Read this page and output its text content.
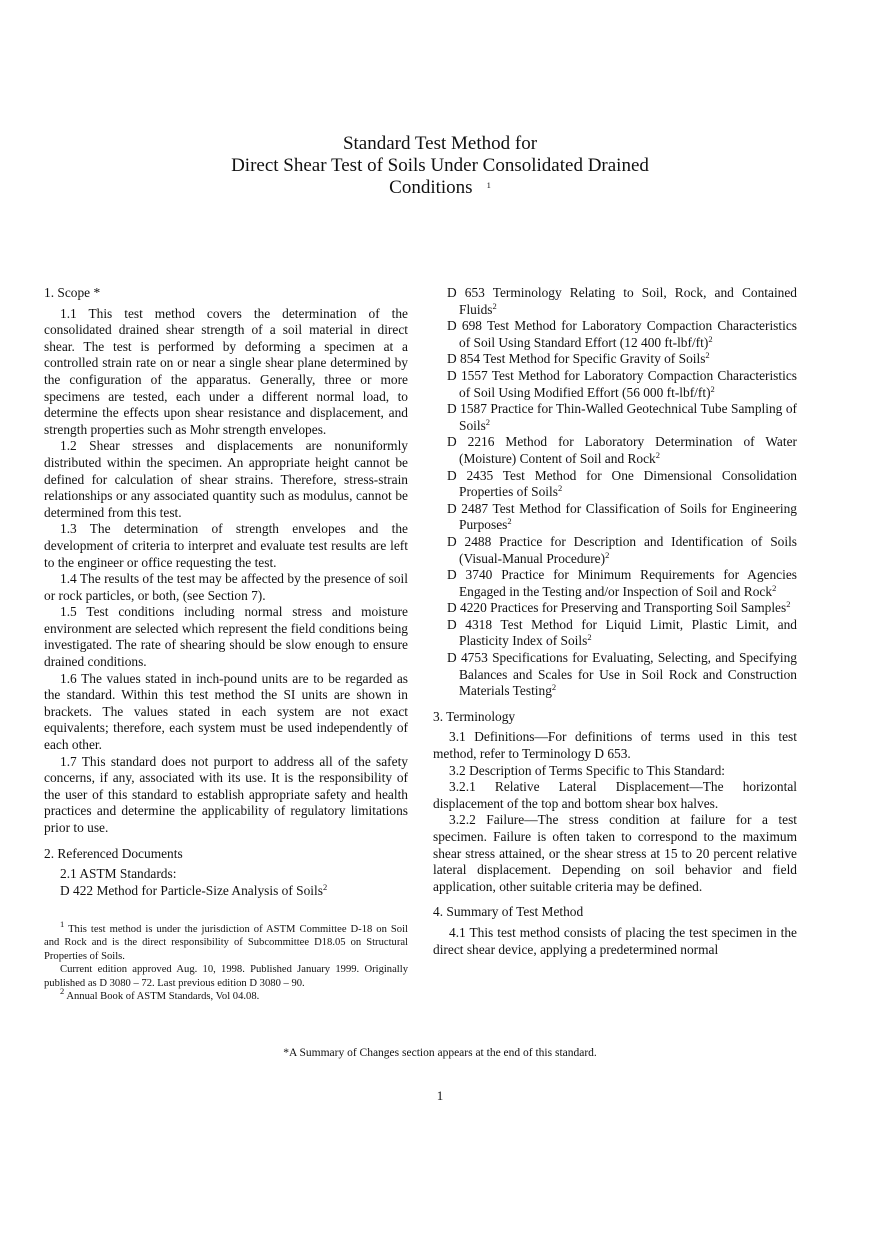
Standard Test Method for
Direct Shear Test of Soils Under Consolidated Drained
Conditions $^1$

1. Scope *

1.1 This test method covers the determination of the consolidated drained shear strength of a soil material in direct shear. The test is performed by deforming a specimen at a controlled strain rate on or near a single shear plane determined by the configuration of the apparatus. Generally, three or more specimens are tested, each under a different normal load, to determine the effects upon shear resistance and displacement, and strength properties such as Mohr strength envelopes.

1.2 Shear stresses and displacements are nonuniformly distributed within the specimen. An appropriate height cannot be defined for calculation of shear strains. Therefore, stress-strain relationships or any associated quantity such as modulus, cannot be determined from this test.

1.3 The determination of strength envelopes and the development of criteria to interpret and evaluate test results are left to the engineer or office requesting the test.

1.4 The results of the test may be affected by the presence of soil or rock particles, or both, (see Section 7).

1.5 Test conditions including normal stress and moisture environment are selected which represent the field conditions being investigated. The rate of shearing should be slow enough to ensure drained conditions.

1.6 The values stated in inch-pound units are to be regarded as the standard. Within this test method the SI units are shown in brackets. The values stated in each system are not exact equivalents; therefore, each system must be used independently of each other.

1.7 This standard does not purport to address all of the safety concerns, if any, associated with its use. It is the responsibility of the user of this standard to establish appropriate safety and health practices and determine the applicability of regulatory limitations prior to use.

2. Referenced Documents

2.1 ASTM Standards:

D 422 Method for Particle-Size Analysis of Soils$^2$

$^1$ This test method is under the jurisdiction of ASTM Committee D-18 on Soil and Rock and is the direct responsibility of Subcommittee D18.05 on Structural Properties of Soils.

Current edition approved Aug. 10, 1998. Published January 1999. Originally published as D 3080 – 72. Last previous edition D 3080 – 90.

$^2$ Annual Book of ASTM Standards, Vol 04.08.

D 653 Terminology Relating to Soil, Rock, and Contained Fluids$^2$

D 698 Test Method for Laboratory Compaction Characteristics of Soil Using Standard Effort (12 400 ft-lbf/ft)$^2$

D 854 Test Method for Specific Gravity of Soils$^2$

D 1557 Test Method for Laboratory Compaction Characteristics of Soil Using Modified Effort (56 000 ft-lbf/ft)$^2$

D 1587 Practice for Thin-Walled Geotechnical Tube Sampling of Soils$^2$

D 2216 Method for Laboratory Determination of Water (Moisture) Content of Soil and Rock$^2$

D 2435 Test Method for One Dimensional Consolidation Properties of Soils$^2$

D 2487 Test Method for Classification of Soils for Engineering Purposes$^2$

D 2488 Practice for Description and Identification of Soils (Visual-Manual Procedure)$^2$

D 3740 Practice for Minimum Requirements for Agencies Engaged in the Testing and/or Inspection of Soil and Rock$^2$

D 4220 Practices for Preserving and Transporting Soil Samples$^2$

D 4318 Test Method for Liquid Limit, Plastic Limit, and Plasticity Index of Soils$^2$

D 4753 Specifications for Evaluating, Selecting, and Specifying Balances and Scales for Use in Soil Rock and Construction Materials Testing$^2$

3. Terminology

3.1 Definitions—For definitions of terms used in this test method, refer to Terminology D 653.

3.2 Description of Terms Specific to This Standard:

3.2.1 Relative Lateral Displacement—The horizontal displacement of the top and bottom shear box halves.

3.2.2 Failure—The stress condition at failure for a test specimen. Failure is often taken to correspond to the maximum shear stress attained, or the shear stress at 15 to 20 percent relative lateral displacement. Depending on soil behavior and field application, other suitable criteria may be defined.

4. Summary of Test Method

4.1 This test method consists of placing the test specimen in the direct shear device, applying a predetermined normal

*A Summary of Changes section appears at the end of this standard.
1
